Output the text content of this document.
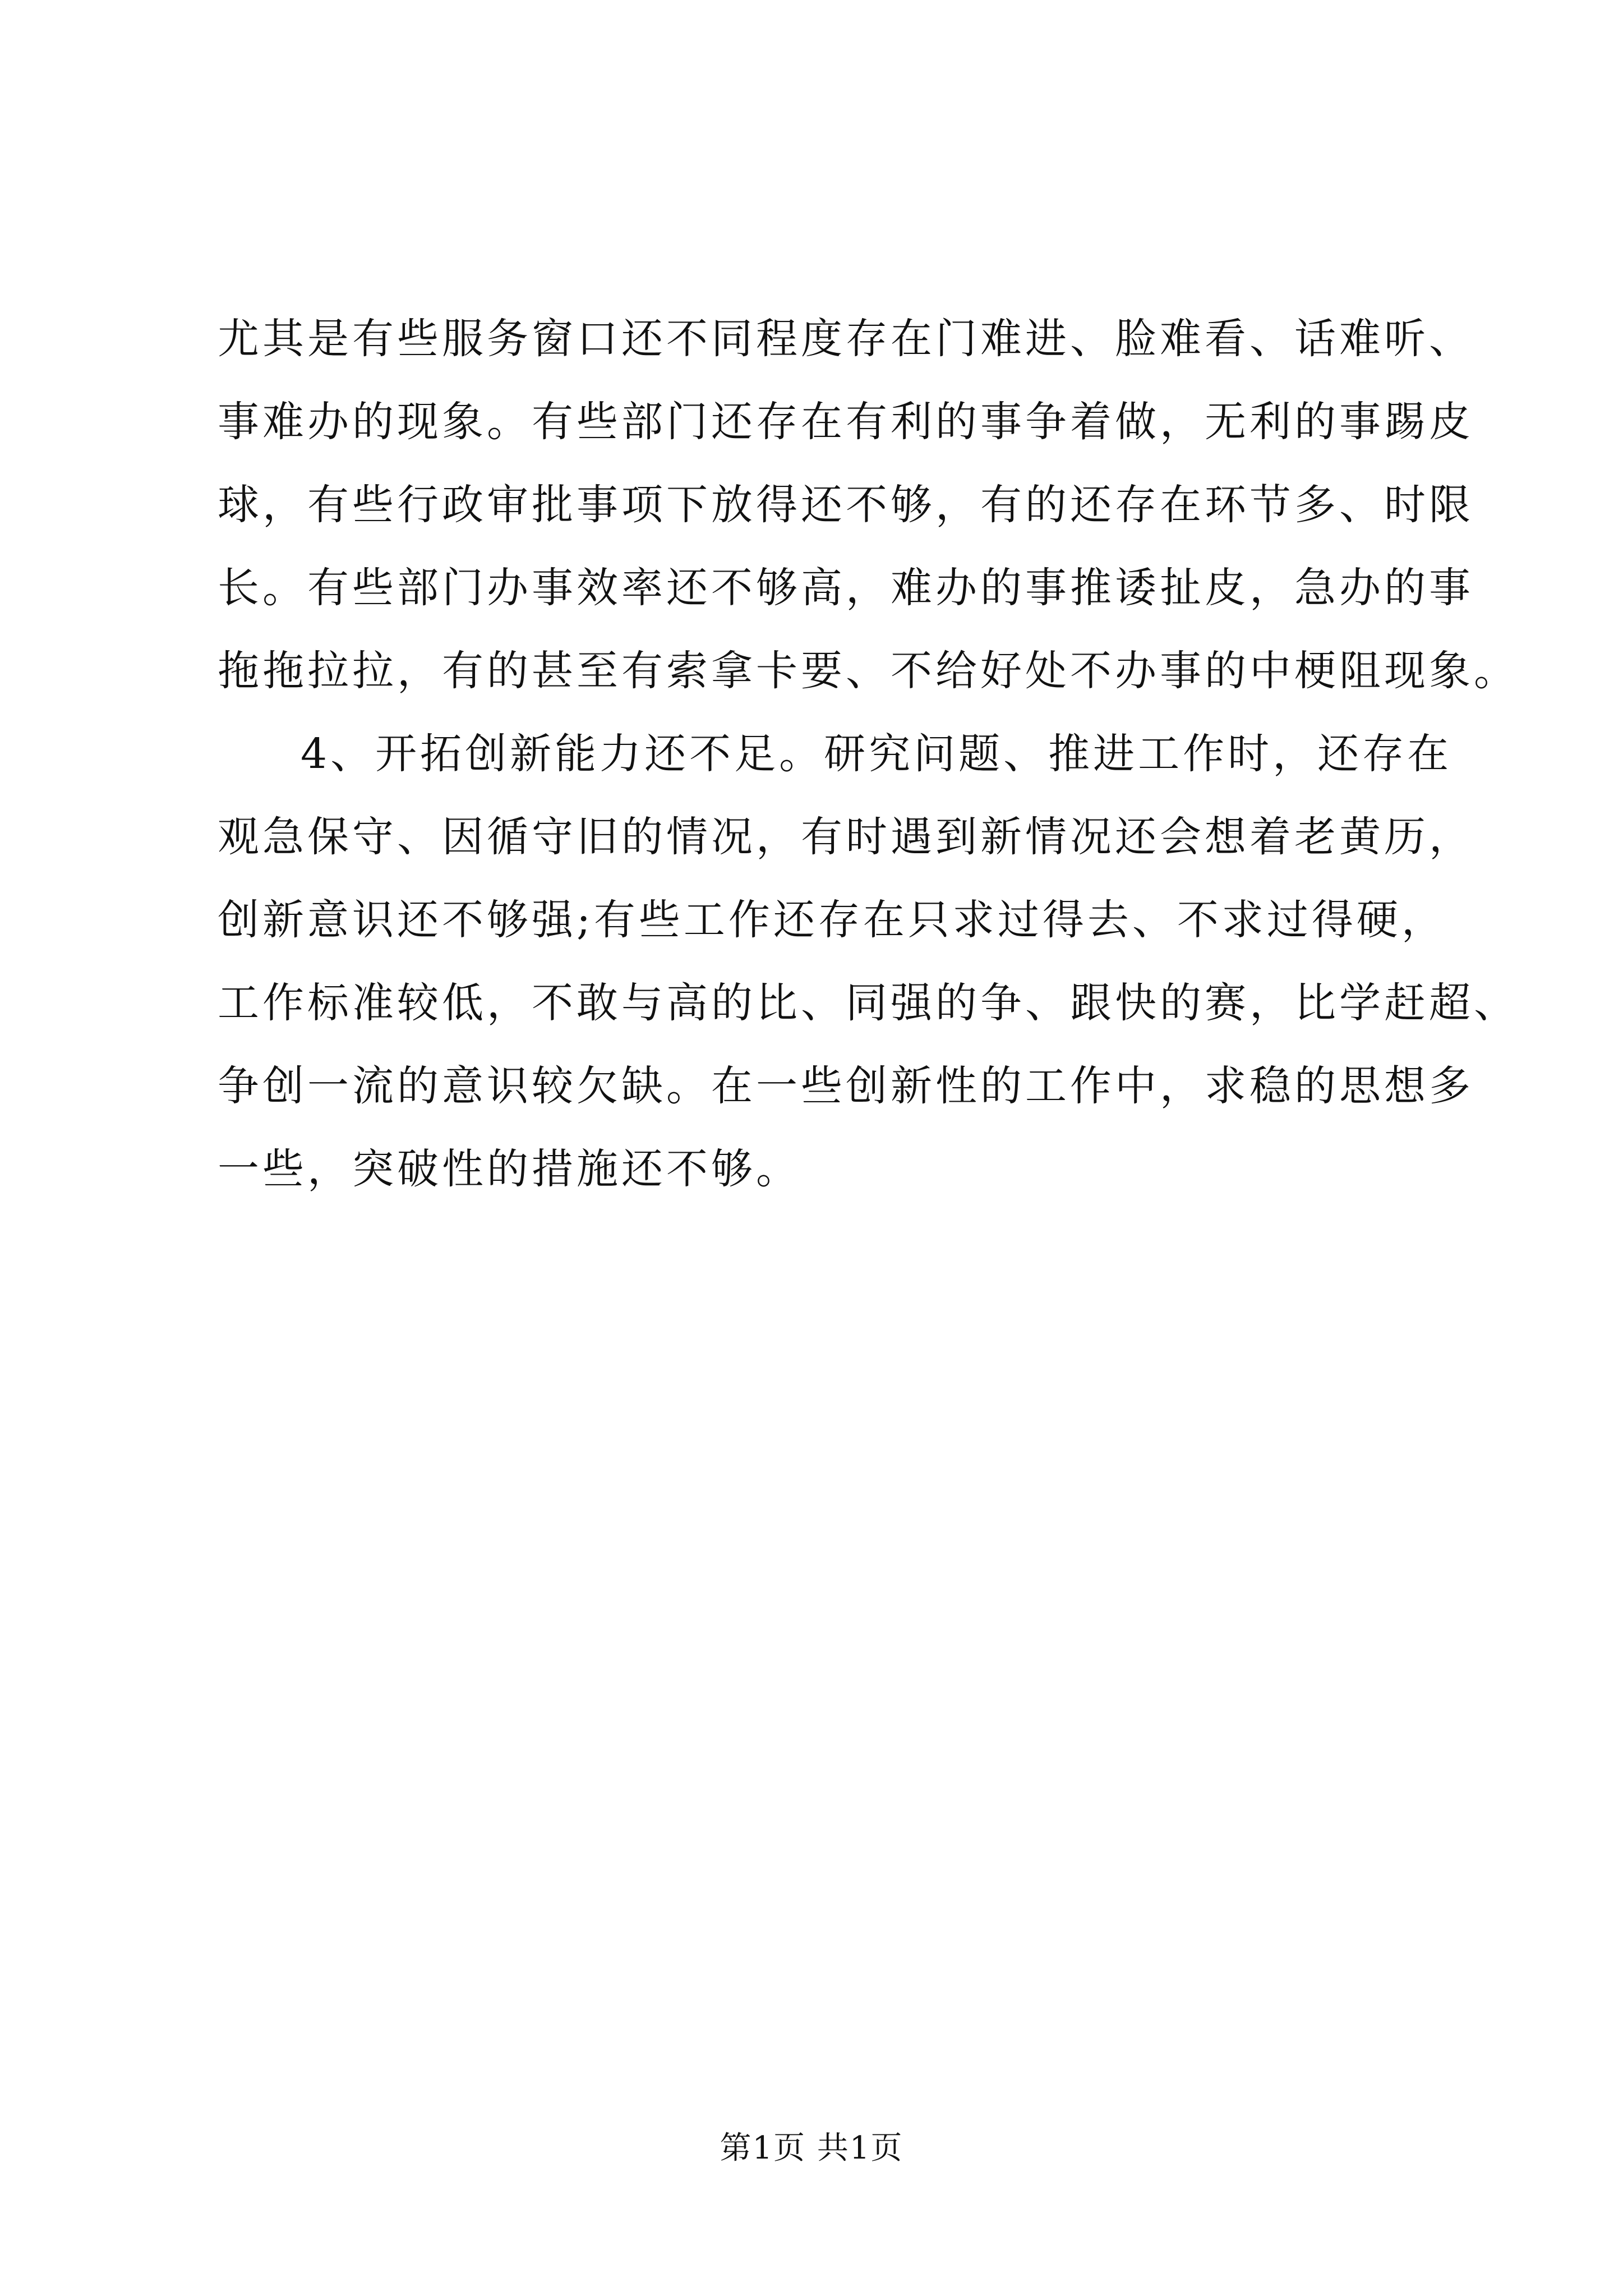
尤其是有些服务窗口还不同程度存在门难进、脸难看、话难听、
事难办的现象。有些部门还存在有利的事争着做，无利的事踢皮
球，有些行政审批事项下放得还不够，有的还存在环节多、时限
长。有些部门办事效率还不够高，难办的事推诿扯皮，急办的事
拖拖拉拉，有的甚至有索拿卡要、不给好处不办事的中梗阻现象。
4、开拓创新能力还不足。研究问题、推进工作时，还存在
观急保守、因循守旧的情况，有时遇到新情况还会想着老黄历，
创新意识还不够强;有些工作还存在只求过得去、不求过得硬，
工作标准较低，不敢与高的比、同强的争、跟快的赛，比学赶超、
争创一流的意识较欠缺。在一些创新性的工作中，求稳的思想多
一些，突破性的措施还不够。
第1页 共1页
